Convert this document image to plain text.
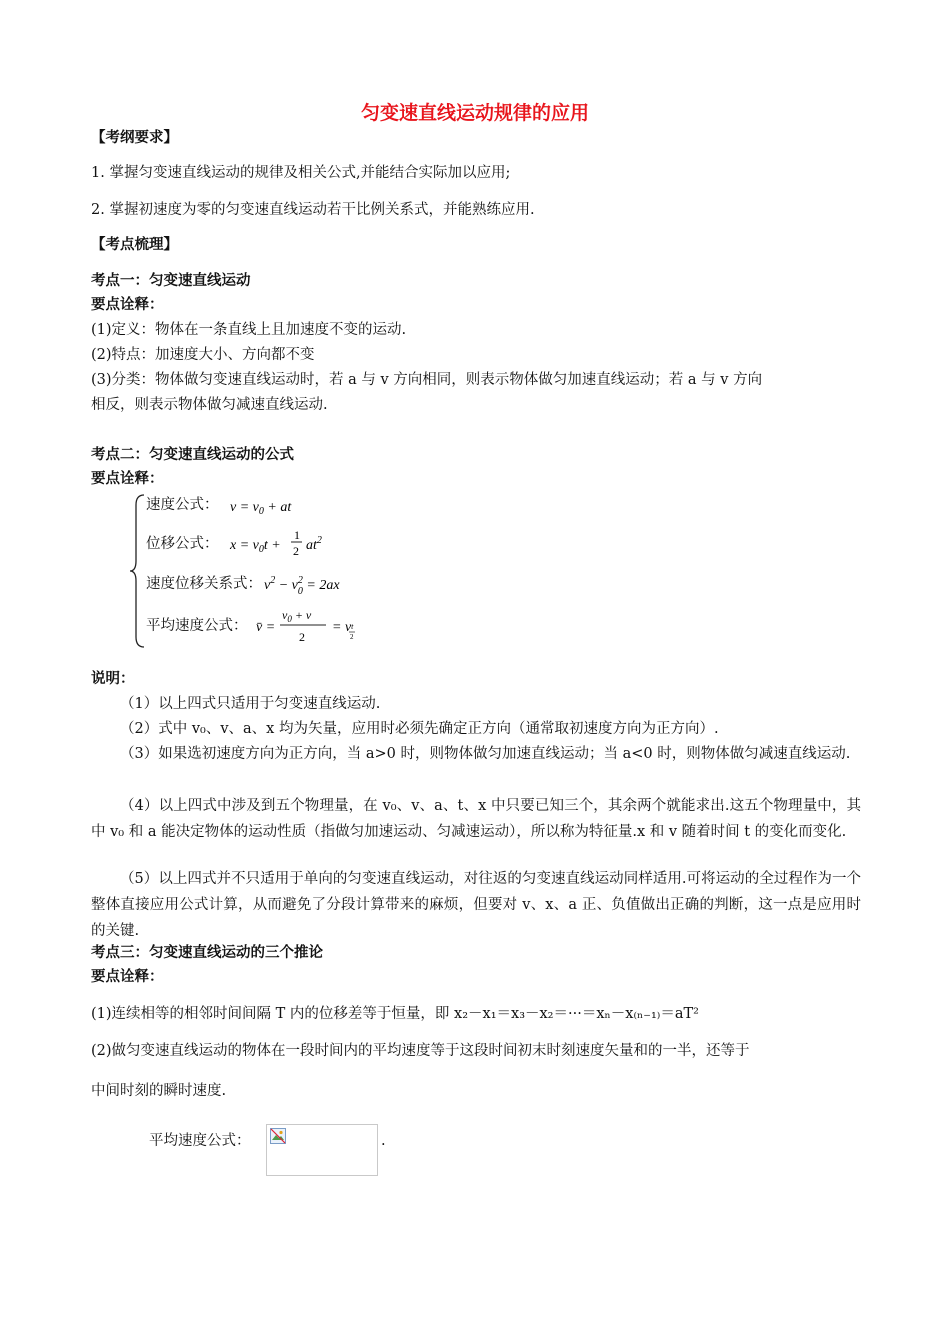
匀变速直线运动规律的应用
【考纲要求】
1. 掌握匀变速直线运动的规律及相关公式,并能结合实际加以应用;
2. 掌握初速度为零的匀变速直线运动若干比例关系式，并能熟练应用.
【考点梳理】
考点一：匀变速直线运动
要点诠释：
(1)定义：物体在一条直线上且加速度不变的运动.
(2)特点：加速度大小、方向都不变
(3)分类：物体做匀变速直线运动时，若 a 与 v 方向相同，则表示物体做匀加速直线运动；若 a 与 v 方向
相反，则表示物体做匀减速直线运动.
考点二：匀变速直线运动的公式
要点诠释：
$v = v_0$ + at
$x = v_0t$ +
1
2 $at^2$
$v^2 - v^2$ 0 = 2ax
v̄ =
$v_0 + v$
2
= vt
2
速度公式：
位移公式：
速度位移关系式：
平均速度公式：
说明：
（1）以上四式只适用于匀变速直线运动.
（2）式中 v₀、v、a、x 均为矢量，应用时必须先确定正方向（通常取初速度方向为正方向）.
（3）如果选初速度方向为正方向，当 a>0 时，则物体做匀加速直线运动；当 a<0 时，则物体做匀减速直线运动.
（4）以上四式中涉及到五个物理量，在 v₀、v、a、t、x 中只要已知三个，其余两个就能求出.这五个物理量中，其中 v₀ 和 a 能决定物体的运动性质（指做匀加速运动、匀减速运动），所以称为特征量.x 和 v 随着时间 t 的变化而变化.
（5）以上四式并不只适用于单向的匀变速直线运动，对往返的匀变速直线运动同样适用.可将运动的全过程作为一个整体直接应用公式计算，从而避免了分段计算带来的麻烦，但要对 v、x、a 正、负值做出正确的判断，这一点是应用时的关键.
考点三：匀变速直线运动的三个推论
要点诠释：
(1)连续相等的相邻时间间隔 T 内的位移差等于恒量，即 x₂－x₁＝x₃－x₂＝···＝xₙ－x₍ₙ₋₁₎＝aT²
(2)做匀变速直线运动的物体在一段时间内的平均速度等于这段时间初末时刻速度矢量和的一半，还等于
中间时刻的瞬时速度.
平均速度公式：	.
